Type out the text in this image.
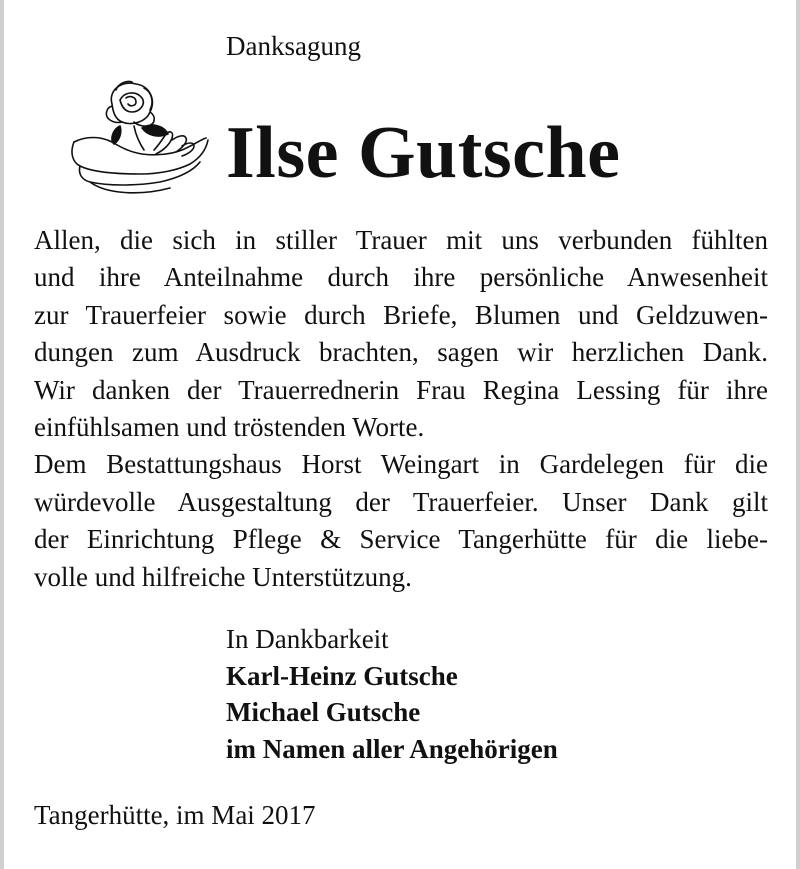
Danksagung
Ilse Gutsche
Allen, die sich in stiller Trauer mit uns verbunden fühlten
und ihre Anteilnahme durch ihre persönliche Anwesenheit
zur Trauerfeier sowie durch Briefe, Blumen und Geldzuwen-
dungen zum Ausdruck brachten, sagen wir herzlichen Dank.
Wir danken der Trauerrednerin Frau Regina Lessing für ihre
einfühlsamen und tröstenden Worte.
Dem Bestattungshaus Horst Weingart in Gardelegen für die
würdevolle Ausgestaltung der Trauerfeier. Unser Dank gilt
der Einrichtung Pflege & Service Tangerhütte für die liebe-
volle und hilfreiche Unterstützung.
In Dankbarkeit
Karl-Heinz Gutsche
Michael Gutsche
im Namen aller Angehörigen
Tangerhütte, im Mai 2017
